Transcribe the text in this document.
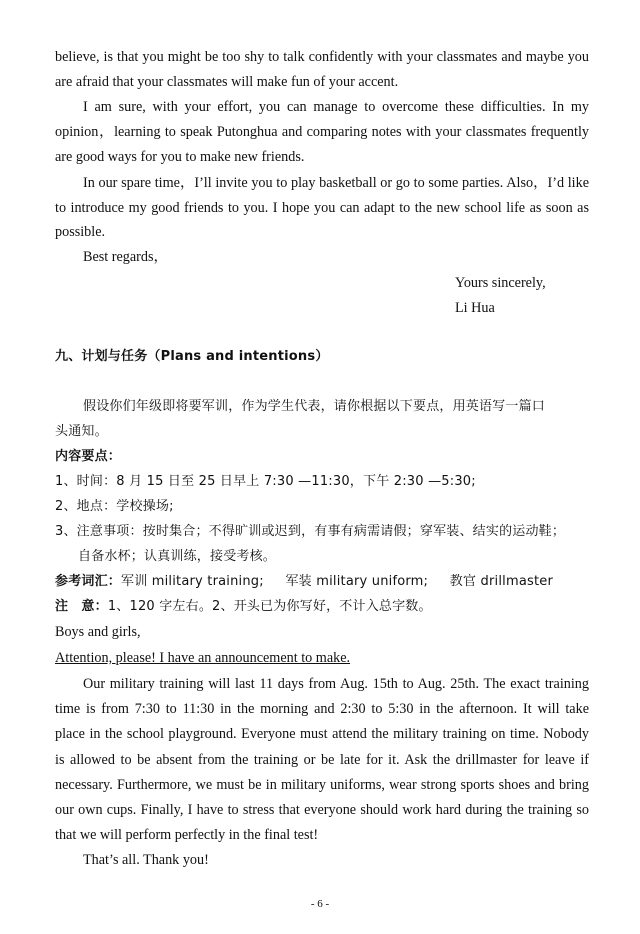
believe, is that you might be too shy to talk confidently with your classmates and maybe you
are afraid that your classmates will make fun of your accent.
I am sure, with your effort, you can manage to overcome these difficulties. In my
opinion，learning to speak Putonghua and comparing notes with your classmates frequently
are good ways for you to make new friends.
In our spare time，I’ll invite you to play basketball or go to some parties. Also，I’d like
to introduce my good friends to you. I hope you can adapt to the new school life as soon as
possible.
Best regards，
Yours sincerely,
Li Hua
九、计划与任务（Plans and intentions）
假设你们年级即将要军训，作为学生代表，请你根据以下要点，用英语写一篇口
头通知。
内容要点：
1、时间：8 月 15 日至 25 日早上 7:30 —11:30，下午 2:30 —5:30;
2、地点：学校操场;
3、注意事项：按时集合；不得旷训或迟到，有事有病需请假；穿军装、结实的运动鞋；
自备水杯；认真训练，接受考核。
参考词汇：军训 military training;     军装 military uniform;     教官 drillmaster
注　意：1、120 字左右。2、开头已为你写好，不计入总字数。
Boys and girls,
Attention, please! I have an announcement to make.
Our military training will last 11 days from Aug. 15th to Aug. 25th. The exact training
time is from 7:30 to 11:30 in the morning and 2:30 to 5:30 in the afternoon. It will take
place in the school playground. Everyone must attend the military training on time. Nobody
is allowed to be absent from the training or be late for it. Ask the drillmaster for leave if
necessary. Furthermore, we must be in military uniforms, wear strong sports shoes and bring
our own cups. Finally, I have to stress that everyone should work hard during the training so
that we will perform perfectly in the final test!
That’s all. Thank you!
- 6 -
